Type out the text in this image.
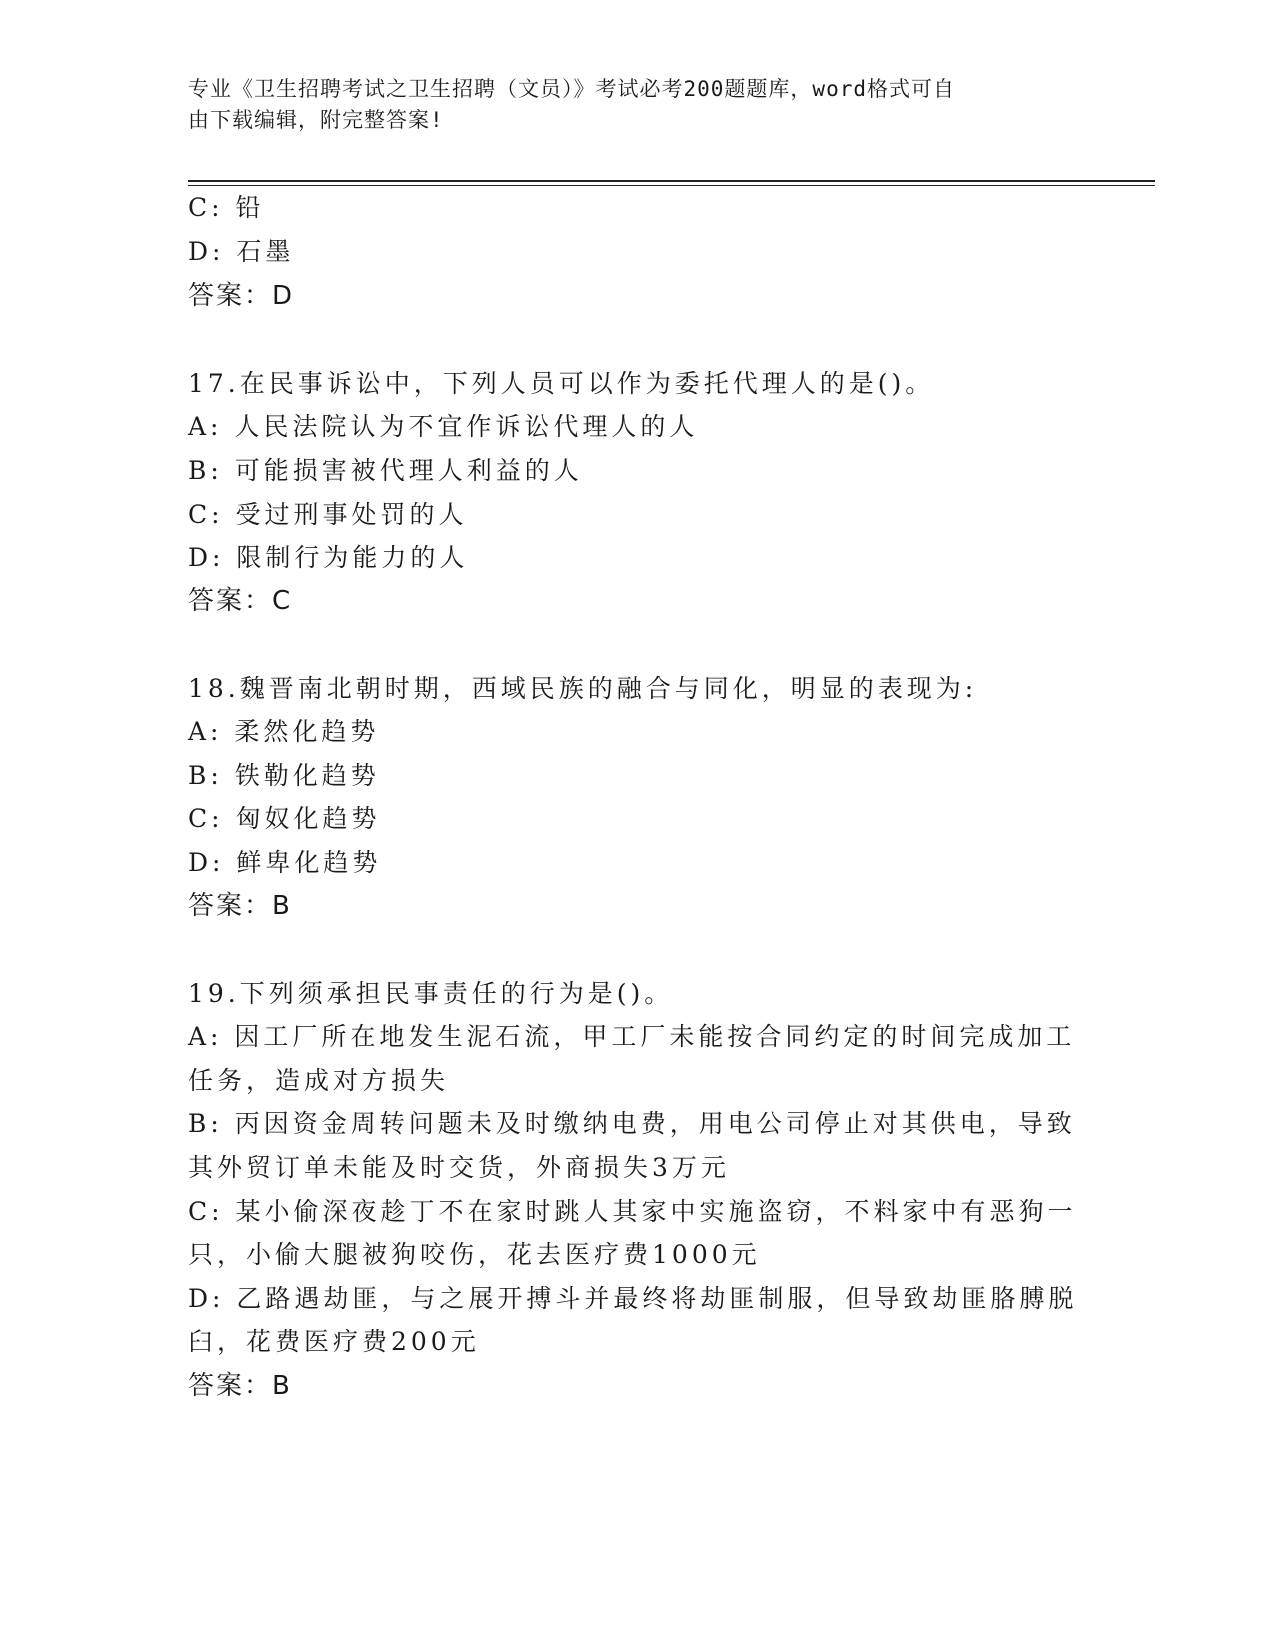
专业《卫生招聘考试之卫生招聘（文员）》考试必考200题题库，word格式可自
由下载编辑，附完整答案!
C: 铅
D: 石墨
答案：D
17.在民事诉讼中，下列人员可以作为委托代理人的是()。
A: 人民法院认为不宜作诉讼代理人的人
B: 可能损害被代理人利益的人
C: 受过刑事处罚的人
D: 限制行为能力的人
答案：C
18.魏晋南北朝时期，西域民族的融合与同化，明显的表现为:
A: 柔然化趋势
B: 铁勒化趋势
C: 匈奴化趋势
D: 鲜卑化趋势
答案：B
19.下列须承担民事责任的行为是()。
A: 因工厂所在地发生泥石流，甲工厂未能按合同约定的时间完成加工
任务，造成对方损失
B: 丙因资金周转问题未及时缴纳电费，用电公司停止对其供电，导致
其外贸订单未能及时交货，外商损失3万元
C: 某小偷深夜趁丁不在家时跳人其家中实施盗窃，不料家中有恶狗一
只，小偷大腿被狗咬伤，花去医疗费1000元
D: 乙路遇劫匪，与之展开搏斗并最终将劫匪制服，但导致劫匪胳膊脱
臼，花费医疗费200元
答案：B
